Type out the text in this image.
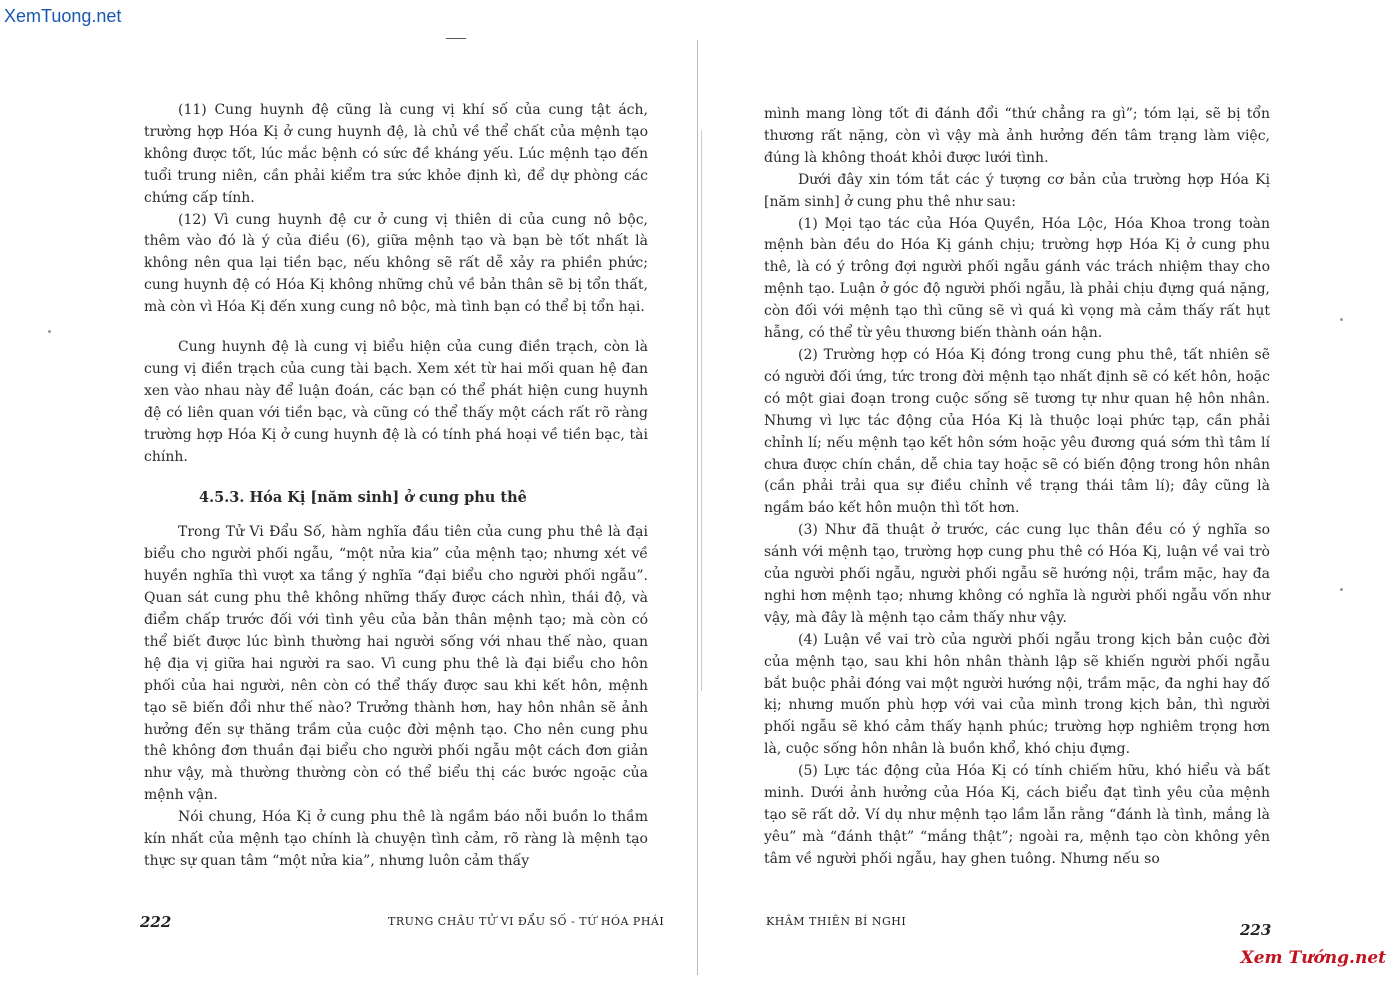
XemTuong.net

(11) Cung huynh đệ cũng là cung vị khí số của cung tật ách, trường hợp Hóa Kị ở cung huynh đệ, là chủ về thể chất của mệnh tạo không được tốt, lúc mắc bệnh có sức đề kháng yếu. Lúc mệnh tạo đến tuổi trung niên, cần phải kiểm tra sức khỏe định kì, để dự phòng các chứng cấp tính.

(12) Vì cung huynh đệ cư ở cung vị thiên di của cung nô bộc, thêm vào đó là ý của điều (6), giữa mệnh tạo và bạn bè tốt nhất là không nên qua lại tiền bạc, nếu không sẽ rất dễ xảy ra phiền phức; cung huynh đệ có Hóa Kị không những chủ về bản thân sẽ bị tổn thất, mà còn vì Hóa Kị đến xung cung nô bộc, mà tình bạn có thể bị tổn hại.

Cung huynh đệ là cung vị biểu hiện của cung điền trạch, còn là cung vị điền trạch của cung tài bạch. Xem xét từ hai mối quan hệ đan xen vào nhau này để luận đoán, các bạn có thể phát hiện cung huynh đệ có liên quan với tiền bạc, và cũng có thể thấy một cách rất rõ ràng trường hợp Hóa Kị ở cung huynh đệ là có tính phá hoại về tiền bạc, tài chính.

4.5.3. Hóa Kị [năm sinh] ở cung phu thê

Trong Tử Vi Đẩu Số, hàm nghĩa đầu tiên của cung phu thê là đại biểu cho người phối ngẫu, “một nửa kia” của mệnh tạo; nhưng xét về huyền nghĩa thì vượt xa tầng ý nghĩa “đại biểu cho người phối ngẫu”. Quan sát cung phu thê không những thấy được cách nhìn, thái độ, và điểm chấp trước đối với tình yêu của bản thân mệnh tạo; mà còn có thể biết được lúc bình thường hai người sống với nhau thế nào, quan hệ địa vị giữa hai người ra sao. Vì cung phu thê là đại biểu cho hôn phối của hai người, nên còn có thể thấy được sau khi kết hôn, mệnh tạo sẽ biến đổi như thế nào? Trưởng thành hơn, hay hôn nhân sẽ ảnh hưởng đến sự thăng trầm của cuộc đời mệnh tạo. Cho nên cung phu thê không đơn thuần đại biểu cho người phối ngẫu một cách đơn giản như vậy, mà thường thường còn có thể biểu thị các bước ngoặc của mệnh vận.

Nói chung, Hóa Kị ở cung phu thê là ngầm báo nỗi buồn lo thầm kín nhất của mệnh tạo chính là chuyện tình cảm, rõ ràng là mệnh tạo thực sự quan tâm “một nửa kia”, nhưng luôn cảm thấy

222	TRUNG CHÂU TỬ VI ĐẨU SỐ - TỨ HÓA PHÁI

mình mang lòng tốt đi đánh đổi “thứ chẳng ra gì”; tóm lại, sẽ bị tổn thương rất nặng, còn vì vậy mà ảnh hưởng đến tâm trạng làm việc, đúng là không thoát khỏi được lưới tình.

Dưới đây xin tóm tắt các ý tượng cơ bản của trường hợp Hóa Kị [năm sinh] ở cung phu thê như sau:

(1) Mọi tạo tác của Hóa Quyền, Hóa Lộc, Hóa Khoa trong toàn mệnh bàn đều do Hóa Kị gánh chịu; trường hợp Hóa Kị ở cung phu thê, là có ý trông đợi người phối ngẫu gánh vác trách nhiệm thay cho mệnh tạo. Luận ở góc độ người phối ngẫu, là phải chịu đựng quá nặng, còn đối với mệnh tạo thì cũng sẽ vì quá kì vọng mà cảm thấy rất hụt hẫng, có thể từ yêu thương biến thành oán hận.

(2) Trường hợp có Hóa Kị đóng trong cung phu thê, tất nhiên sẽ có người đối ứng, tức trong đời mệnh tạo nhất định sẽ có kết hôn, hoặc có một giai đoạn trong cuộc sống sẽ tương tự như quan hệ hôn nhân. Nhưng vì lực tác động của Hóa Kị là thuộc loại phức tạp, cần phải chỉnh lí; nếu mệnh tạo kết hôn sớm hoặc yêu đương quá sớm thì tâm lí chưa được chín chắn, dễ chia tay hoặc sẽ có biến động trong hôn nhân (cần phải trải qua sự điều chỉnh về trạng thái tâm lí); đây cũng là ngầm báo kết hôn muộn thì tốt hơn.

(3) Như đã thuật ở trước, các cung lục thân đều có ý nghĩa so sánh với mệnh tạo, trường hợp cung phu thê có Hóa Kị, luận về vai trò của người phối ngẫu, người phối ngẫu sẽ hướng nội, trầm mặc, hay đa nghi hơn mệnh tạo; nhưng không có nghĩa là người phối ngẫu vốn như vậy, mà đây là mệnh tạo cảm thấy như vậy.

(4) Luận về vai trò của người phối ngẫu trong kịch bản cuộc đời của mệnh tạo, sau khi hôn nhân thành lập sẽ khiến người phối ngẫu bắt buộc phải đóng vai một người hướng nội, trầm mặc, đa nghi hay đố kị; nhưng muốn phù hợp với vai của mình trong kịch bản, thì người phối ngẫu sẽ khó cảm thấy hạnh phúc; trường hợp nghiêm trọng hơn là, cuộc sống hôn nhân là buồn khổ, khó chịu đựng.

(5) Lực tác động của Hóa Kị có tính chiếm hữu, khó hiểu và bất minh. Dưới ảnh hưởng của Hóa Kị, cách biểu đạt tình yêu của mệnh tạo sẽ rất dở. Ví dụ như mệnh tạo lầm lẫn rằng “đánh là tình, mắng là yêu” mà “đánh thật” “mắng thật”; ngoài ra, mệnh tạo còn không yên tâm về người phối ngẫu, hay ghen tuông. Nhưng nếu so

KHÂM THIÊN BÍ NGHI	223
Xem Tướng.net
